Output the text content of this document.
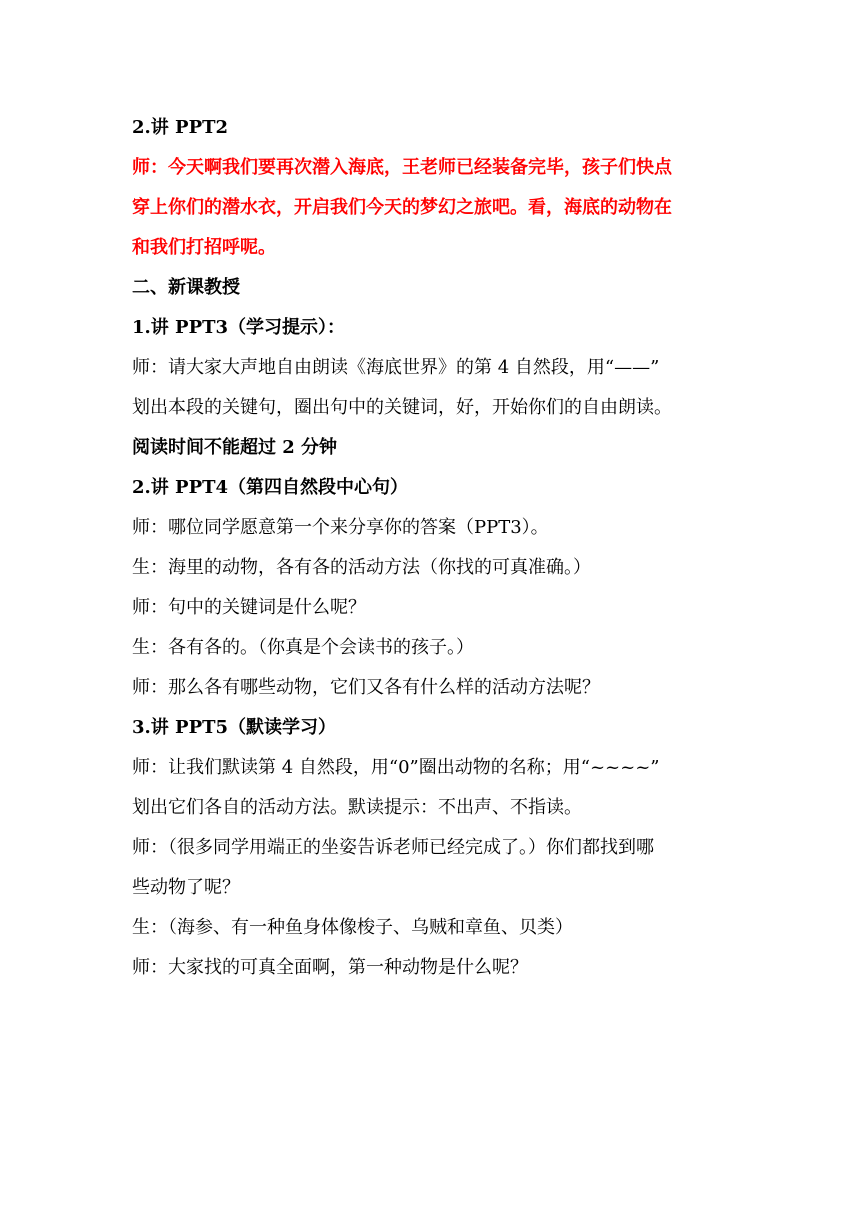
2.讲 PPT2
师：今天啊我们要再次潜入海底，王老师已经装备完毕，孩子们快点
穿上你们的潜水衣，开启我们今天的梦幻之旅吧。看，海底的动物在
和我们打招呼呢。
二、新课教授
1.讲 PPT3（学习提示）：
师：请大家大声地自由朗读《海底世界》的第 4 自然段，用“——”
划出本段的关键句，圈出句中的关键词，好，开始你们的自由朗读。
阅读时间不能超过 2 分钟
2.讲 PPT4（第四自然段中心句）
师：哪位同学愿意第一个来分享你的答案（PPT3）。
生：海里的动物，各有各的活动方法（你找的可真准确。）
师：句中的关键词是什么呢？
生：各有各的。（你真是个会读书的孩子。）
师：那么各有哪些动物，它们又各有什么样的活动方法呢？
3.讲 PPT5（默读学习）
师：让我们默读第 4 自然段，用“0”圈出动物的名称；用“~~~~”
划出它们各自的活动方法。默读提示：不出声、不指读。
师：（很多同学用端正的坐姿告诉老师已经完成了。）你们都找到哪
些动物了呢？
生：（海参、有一种鱼身体像梭子、乌贼和章鱼、贝类）
师：大家找的可真全面啊，第一种动物是什么呢？
